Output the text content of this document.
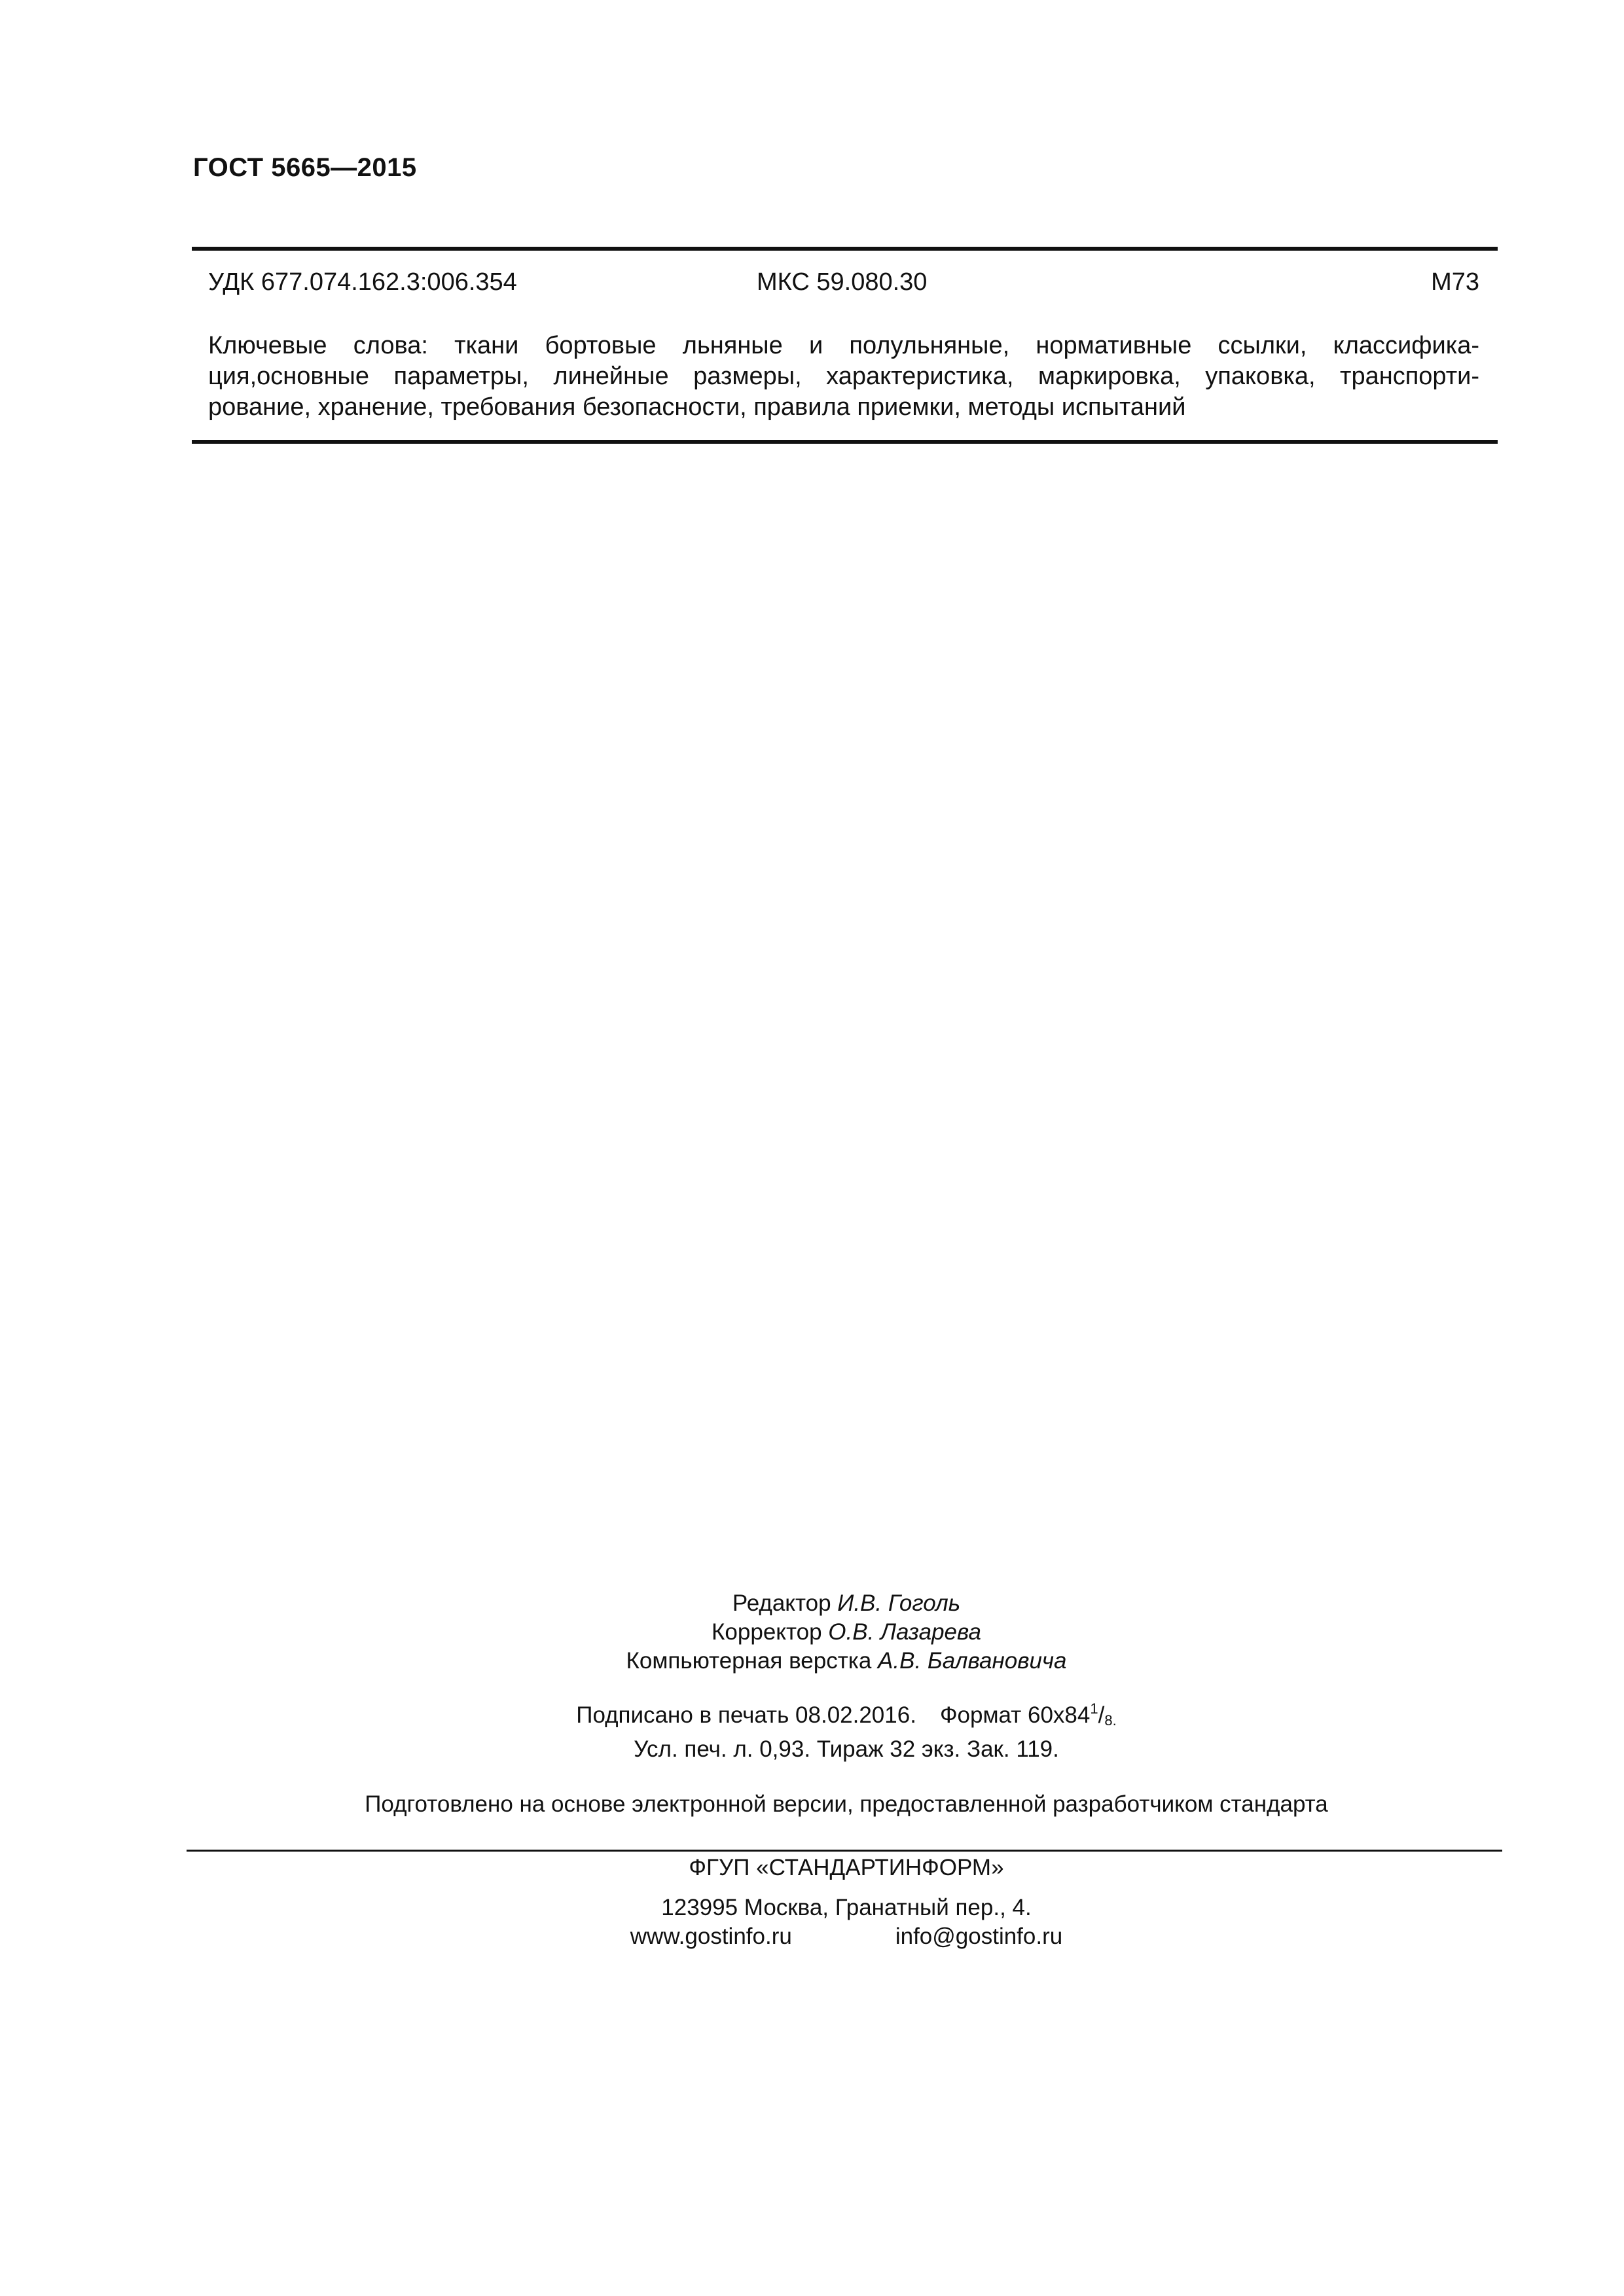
ГОСТ 5665—2015
УДК 677.074.162.3:006.354	МКС 59.080.30	М73
Ключевые слова: ткани бортовые льняные и полульняные, нормативные ссылки, классифика-
ция,основные параметры, линейные размеры, характеристика, маркировка, упаковка, транспорти-
рование, хранение, требования безопасности, правила приемки, методы испытаний
Редактор И.В. Гоголь
Корректор О.В. Лазарева
Компьютерная верстка А.В. Балвановича
Подписано в печать 08.02.2016. Формат $60х84^1/_{8.}$
Усл. печ. л. 0,93. Тираж 32 экз. Зак. 119.
Подготовлено на основе электронной версии, предоставленной разработчиком стандарта
ФГУП «СТАНДАРТИНФОРМ»
123995 Москва, Гранатный пер., 4.
www.gostinfo.ru	info@gostinfo.ru
